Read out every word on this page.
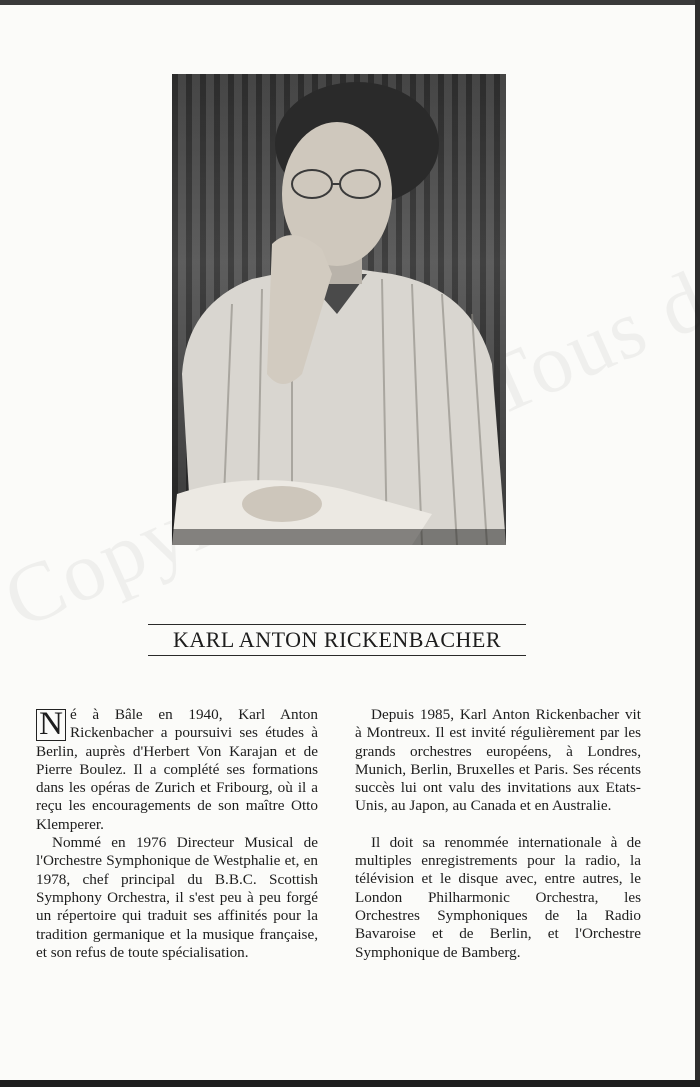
KARL ANTON RICKENBACHER

N é à Bâle en 1940, Karl Anton Rickenbacher a poursuivi ses études à Berlin, auprès d'Herbert Von Karajan et de Pierre Boulez. Il a complété ses formations dans les opéras de Zurich et Fribourg, où il a reçu les encouragements de son maître Otto Klemperer.

Nommé en 1976 Directeur Musical de l'Orchestre Symphonique de Westphalie et, en 1978, chef principal du B.B.C. Scottish Symphony Orchestra, il s'est peu à peu forgé un répertoire qui traduit ses affinités pour la tradition germanique et la musique française, et son refus de toute spécialisation.

Depuis 1985, Karl Anton Rickenbacher vit à Montreux. Il est invité régulièrement par les grands orchestres européens, à Londres, Munich, Berlin, Bruxelles et Paris. Ses récents succès lui ont valu des invitations aux Etats-Unis, au Japon, au Canada et en Australie.

Il doit sa renommée internationale à de multiples enregistrements pour la radio, la télévision et le disque avec, entre autres, le London Philharmonic Orchestra, les Orchestres Symphoniques de la Radio Bavaroise et de Berlin, et l'Orchestre Symphonique de Bamberg.
